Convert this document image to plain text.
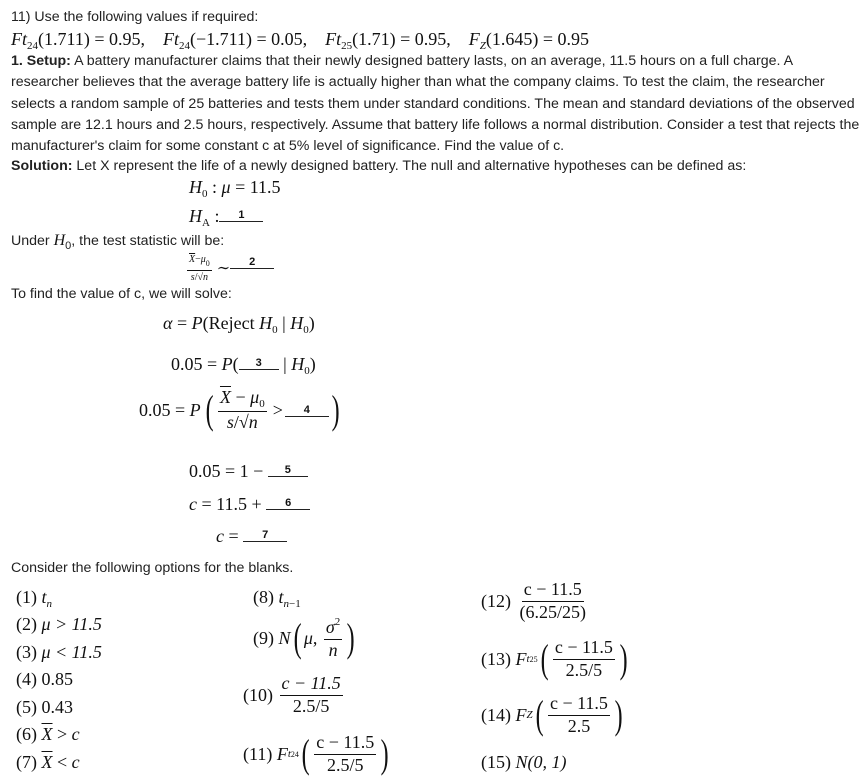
11) Use the following values if required:
$Ft_{24}(1.711) = 0.95$,    $Ft_{24}(-1.711) = 0.05$,    $Ft_{25}(1.71) = 0.95$,    $F_Z(1.645) = 0.95$
1. Setup: A battery manufacturer claims that their newly designed battery lasts, on an average, 11.5 hours on a full charge. A researcher believes that the average battery life is actually higher than what the company claims. To test the claim, the researcher selects a random sample of 25 batteries and tests them under standard conditions. The mean and standard deviations of the observed sample are 12.1 hours and 2.5 hours, respectively. Assume that battery life follows a normal distribution. Consider a test that rejects the manufacturer's claim for some constant c at 5% level of significance. Find the value of c.
Solution: Let X represent the life of a newly designed battery. The null and alternative hypotheses can be defined as:
$H_0$ : μ = 11.5
$H_A$ : 1
Under $H_0$, the test statistic will be:
$\frac{\overline{X}-\mu_0}{s/√n}$ ∼ 2
To find the value of c, we will solve:
α = P(Reject $H_0$ | $H_0$)
0.05 = P( 3 | $H_0$)
0.05 = P ( $\frac{\overline{X} - \mu_0}{s/√n}$ >	4 )
0.05 = 1 − 5
c = 11.5 + 6
c = 7
Consider the following options for the blanks.
(1) $t_n$
(2) μ > 11.5
(3) μ < 11.5
(4) 0.85
(5) 0.43
(6) $\overline{X} > c$
(7) $\overline{X} < c$
(8) $t_{n-1}$
(9)
N ( μ , $\frac{\sigma^2}{n}$ )
(10)
$\frac{c - 11.5}{2.5/5}$
(11)
F t 24 ( $\frac{c - 11.5}{2.5/5}$ )
(12)
$\frac{c - 11.5}{(6.25/25)}$
(13)
F t 25 ( $\frac{c - 11.5}{2.5/5}$ )
(14)
F Z ( $\frac{c - 11.5}{2.5}$ )
(15) N(0, 1)
